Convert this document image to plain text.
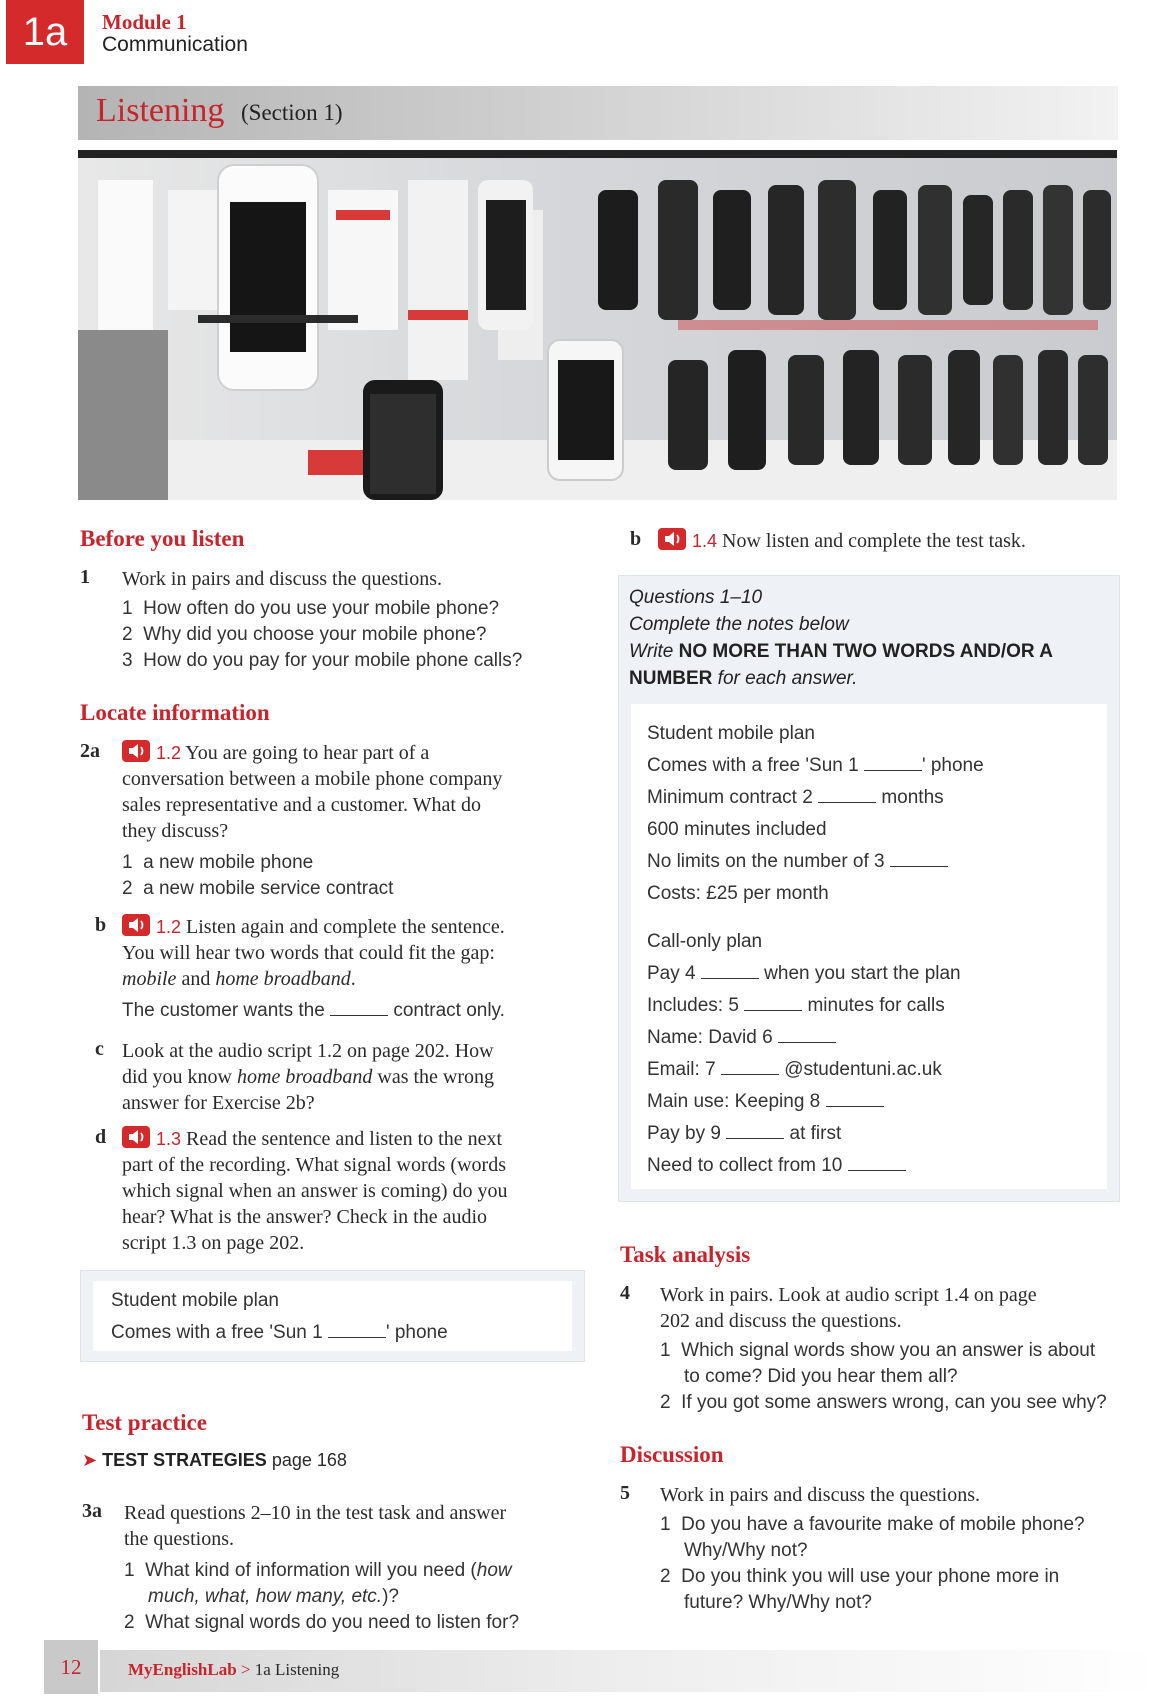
1a	Module 1
Communication
Listening (Section 1)
Before you listen
1 Work in pairs and discuss the questions.
1 How often do you use your mobile phone?
2 Why did you choose your mobile phone?
3 How do you pay for your mobile phone calls?
Locate information
2a	1.2 You are going to hear part of a
conversation between a mobile phone company
sales representative and a customer. What do
they discuss?
1 a new mobile phone
2 a new mobile service contract
b	1.2 Listen again and complete the sentence.
You will hear two words that could fit the gap:
mobile and home broadband.
The customer wants the	contract only.
c Look at the audio script 1.2 on page 202. How
did you know home broadband was the wrong
answer for Exercise 2b?
d	1.3 Read the sentence and listen to the next
part of the recording. What signal words (words
which signal when an answer is coming) do you
hear? What is the answer? Check in the audio
script 1.3 on page 202.
Student mobile plan
Comes with a free 'Sun 1	' phone
Test practice
➤ TEST STRATEGIES page 168
3a Read questions 2–10 in the test task and answer
the questions.
1 What kind of information will you need (how
much, what, how many, etc.)?
2 What signal words do you need to listen for?
b	1.4 Now listen and complete the test task.
Questions 1–10
Complete the notes below
Write NO MORE THAN TWO WORDS AND/OR A
NUMBER for each answer.
Student mobile plan
Comes with a free 'Sun 1	' phone
Minimum contract 2	months
600 minutes included
No limits on the number of 3
Costs: £25 per month
Call-only plan
Pay 4	when you start the plan
Includes: 5	minutes for calls
Name: David 6
Email: 7	@studentuni.ac.uk
Main use: Keeping 8
Pay by 9	at first
Need to collect from 10
Task analysis
4 Work in pairs. Look at audio script 1.4 on page
202 and discuss the questions.
1 Which signal words show you an answer is about
to come? Did you hear them all?
2 If you got some answers wrong, can you see why?
Discussion
5 Work in pairs and discuss the questions.
1 Do you have a favourite make of mobile phone?
Why/Why not?
2 Do you think you will use your phone more in
future? Why/Why not?
12	MyEnglishLab > 1a Listening
